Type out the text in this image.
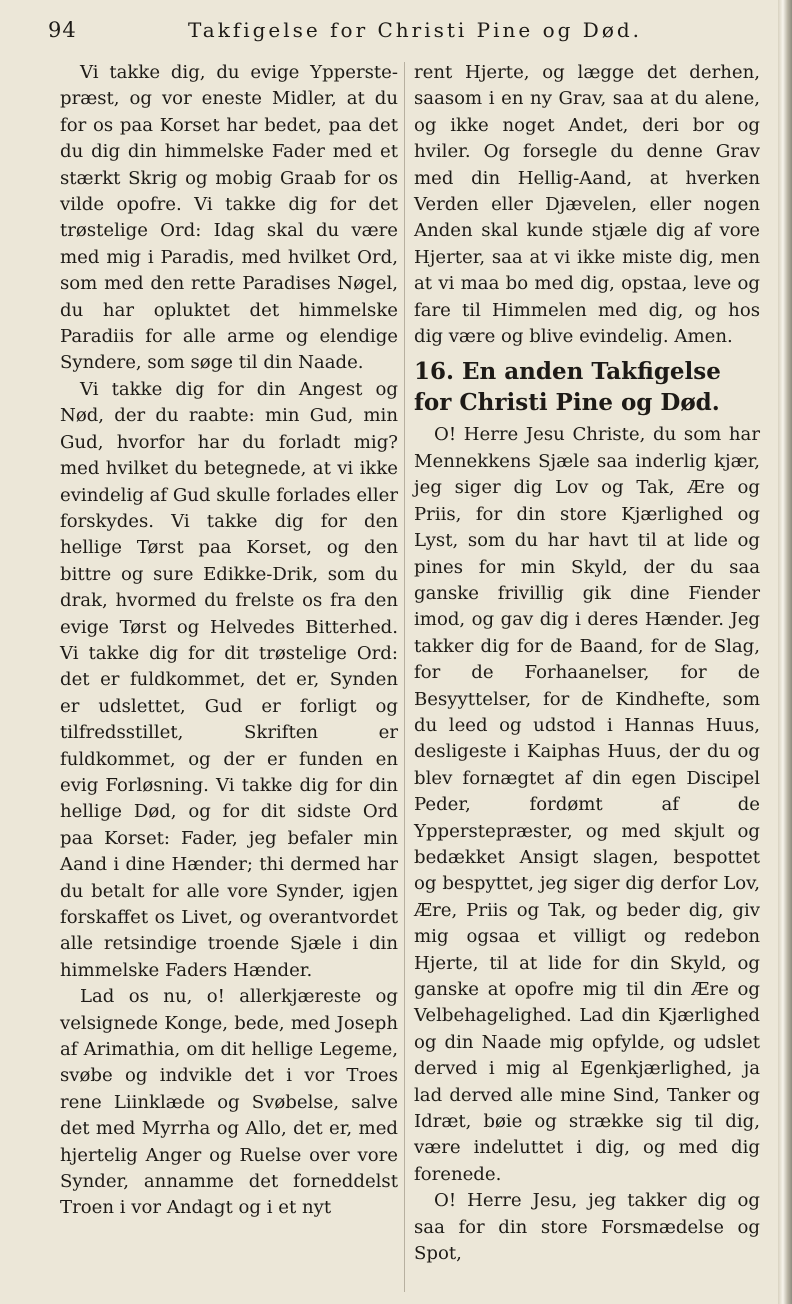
94	Takfigelse for Christi Pine og Død.

Vi takke dig, du evige Ypperste-præst, og vor eneste Midler, at du for os paa Korset har bedet, paa det du dig din himmelske Fader med et stærkt Skrig og mobig Graab for os vilde opofre. Vi takke dig for det trøstelige Ord: Idag skal du være med mig i Paradis, med hvilket Ord, som med den rette Paradises Nøgel, du har opluktet det himmelske Paradiis for alle arme og elendige Syndere, som søge til din Naade.

Vi takke dig for din Angest og Nød, der du raabte: min Gud, min Gud, hvorfor har du forladt mig? med hvilket du betegnede, at vi ikke evindelig af Gud skulle forlades eller forskydes. Vi takke dig for den hellige Tørst paa Korset, og den bittre og sure Edikke-Drik, som du drak, hvormed du frelste os fra den evige Tørst og Helvedes Bitterhed. Vi takke dig for dit trøstelige Ord: det er fuldkommet, det er, Synden er udslettet, Gud er forligt og tilfredsstillet, Skriften er fuldkommet, og der er funden en evig Forløsning. Vi takke dig for din hellige Død, og for dit sidste Ord paa Korset: Fader, jeg befaler min Aand i dine Hænder; thi dermed har du betalt for alle vore Synder, igjen forskaffet os Livet, og overantvordet alle retsindige troende Sjæle i din himmelske Faders Hænder.

Lad os nu, o! allerkjæreste og velsignede Konge, bede, med Joseph af Arimathia, om dit hellige Legeme, svøbe og indvikle det i vor Troes rene Liinklæde og Svøbelse, salve det med Myrrha og Allo, det er, med hjertelig Anger og Ruelse over vore Synder, annamme det forneddelst Troen i vor Andagt og i et nyt

rent Hjerte, og lægge det derhen, saasom i en ny Grav, saa at du alene, og ikke noget Andet, deri bor og hviler. Og forsegle du denne Grav med din Hellig-Aand, at hverken Verden eller Djævelen, eller nogen Anden skal kunde stjæle dig af vore Hjerter, saa at vi ikke miste dig, men at vi maa bo med dig, opstaa, leve og fare til Himmelen med dig, og hos dig være og blive evindelig. Amen.

16. En anden Takfigelse for Christi Pine og Død.

O! Herre Jesu Christe, du som har Mennekkens Sjæle saa inderlig kjær, jeg siger dig Lov og Tak, Ære og Priis, for din store Kjærlighed og Lyst, som du har havt til at lide og pines for min Skyld, der du saa ganske frivillig gik dine Fiender imod, og gav dig i deres Hænder. Jeg takker dig for de Baand, for de Slag, for de Forhaanelser, for de Besyyttelser, for de Kindhefte, som du leed og udstod i Hannas Huus, desligeste i Kaiphas Huus, der du og blev fornægtet af din egen Discipel Peder, fordømt af de Ypperstepræster, og med skjult og bedækket Ansigt slagen, bespottet og bespyttet, jeg siger dig derfor Lov, Ære, Priis og Tak, og beder dig, giv mig ogsaa et villigt og redebon Hjerte, til at lide for din Skyld, og ganske at opofre mig til din Ære og Velbehagelighed. Lad din Kjærlighed og din Naade mig opfylde, og udslet derved i mig al Egenkjærlighed, ja lad derved alle mine Sind, Tanker og Idræt, bøie og strække sig til dig, være indeluttet i dig, og med dig forenede.

O! Herre Jesu, jeg takker dig og saa for din store Forsmædelse og Spot,
